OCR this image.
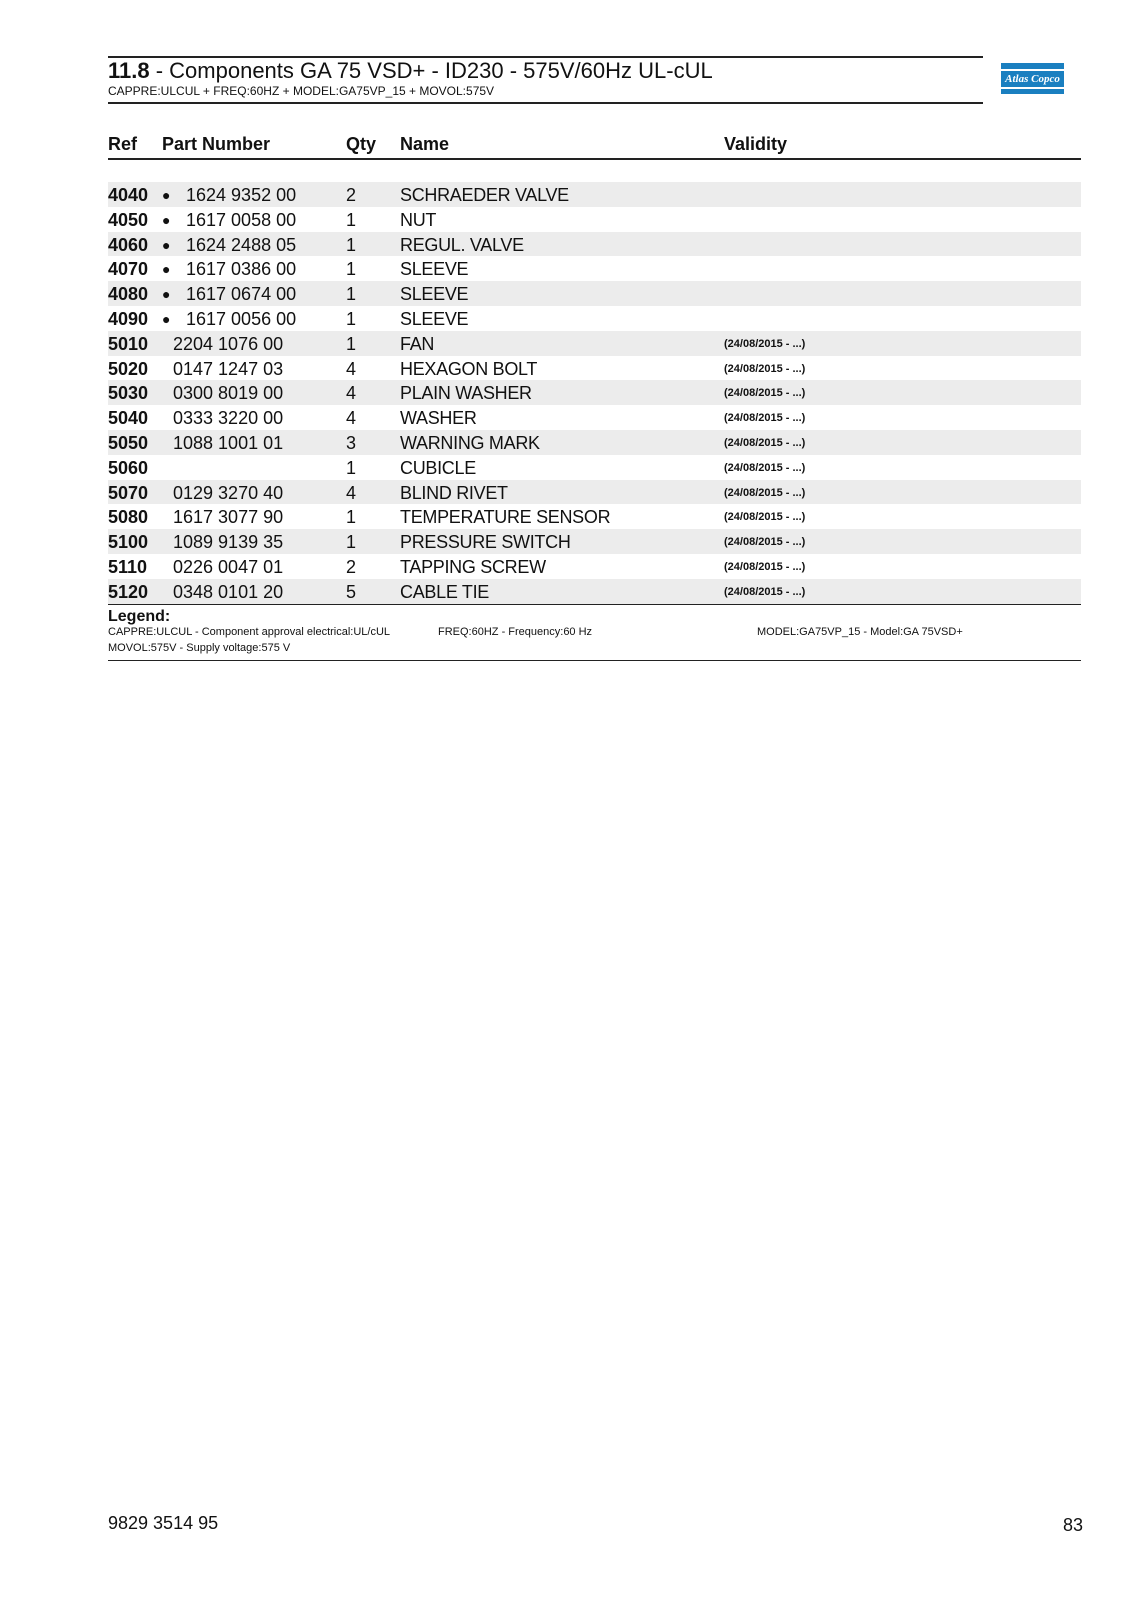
11.8 - Components GA 75 VSD+ - ID230 - 575V/60Hz UL-cUL
CAPPRE:ULCUL + FREQ:60HZ + MODEL:GA75VP_15 + MOVOL:575V
Atlas Copco
Ref Part Number	Qty Name	Validity
4040 ● 1624 9352 00	2 SCHRAEDER VALVE
4050 ● 1617 0058 00	1 NUT
4060 ● 1624 2488 05	1 REGUL. VALVE
4070 ● 1617 0386 00	1 SLEEVE
4080 ● 1617 0674 00	1 SLEEVE
4090 ● 1617 0056 00	1 SLEEVE
5010 2204 1076 00	1 FAN	(24/08/2015 - ...)
5020 0147 1247 03	4 HEXAGON BOLT	(24/08/2015 - ...)
5030 0300 8019 00	4 PLAIN WASHER	(24/08/2015 - ...)
5040 0333 3220 00	4 WASHER	(24/08/2015 - ...)
5050 1088 1001 01	3 WARNING MARK	(24/08/2015 - ...)
5060	1 CUBICLE	(24/08/2015 - ...)
5070 0129 3270 40	4 BLIND RIVET	(24/08/2015 - ...)
5080 1617 3077 90	1 TEMPERATURE SENSOR	(24/08/2015 - ...)
5100 1089 9139 35	1 PRESSURE SWITCH	(24/08/2015 - ...)
5110 0226 0047 01	2 TAPPING SCREW	(24/08/2015 - ...)
5120 0348 0101 20	5 CABLE TIE	(24/08/2015 - ...)
Legend:
CAPPRE:ULCUL - Component approval electrical:UL/cUL	FREQ:60HZ - Frequency:60 Hz	MODEL:GA75VP_15 - Model:GA 75VSD+
MOVOL:575V - Supply voltage:575 V
9829 3514 95	83
